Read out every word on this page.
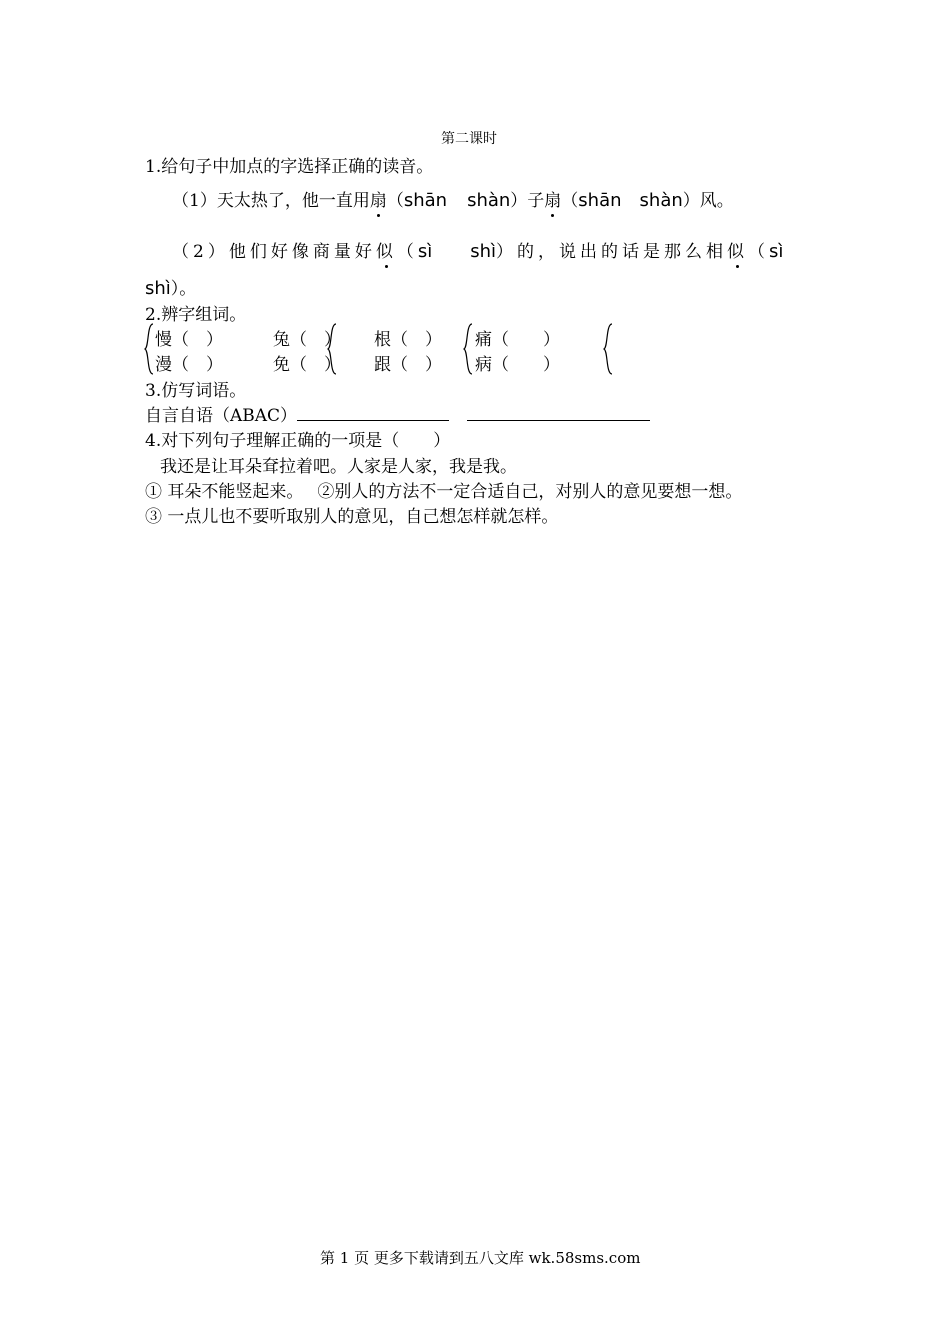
第二课时
1.给句子中加点的字选择正确的读音。
（1）天太热了，他一直用扇（shān shàn）子扇（shān shàn）风。
（2）他们好像商量好似（sì shì）的，说出的话是那么相似（sì
shì）。
2.辨字组词。
慢（　）
漫（　）
兔（　）
免（　）
根（　）
跟（　）
痛（　　）
病（　　）
3.仿写词语。
自言自语（ABAC）
4.对下列句子理解正确的一项是（　　）
我还是让耳朵耷拉着吧。人家是人家，我是我。
① 耳朵不能竖起来。 ②别人的方法不一定合适自己，对别人的意见要想一想。
③ 一点儿也不要听取别人的意见，自己想怎样就怎样。
第 1 页 更多下载请到五八文库 wk.58sms.com
